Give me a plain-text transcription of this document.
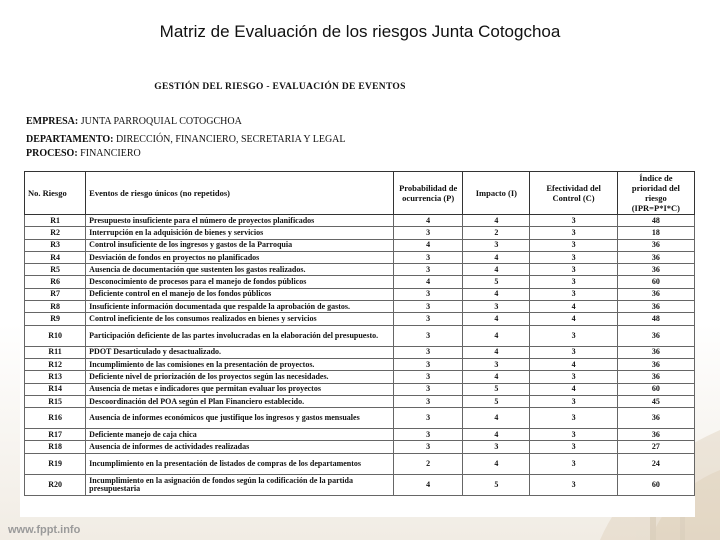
Matriz de Evaluación de los riesgos Junta Cotogchoa
GESTIÓN DEL RIESGO - EVALUACIÓN DE EVENTOS
EMPRESA: JUNTA PARROQUIAL COTOGCHOA
DEPARTAMENTO: DIRECCIÓN, FINANCIERO, SECRETARIA Y LEGAL
PROCESO: FINANCIERO
No. Riesgo	Eventos de riesgo únicos (no repetidos)	Probabilidad de ocurrencia (P)	Impacto (I)	Efectividad del Control (C)	Índice de prioridad del riesgo (IPR=P*I*C)
R1	Presupuesto insuficiente para el número de proyectos planificados	4	4	3	48
R2	Interrupción en la adquisición de bienes y servicios	3	2	3	18
R3	Control insuficiente de los ingresos y gastos de la Parroquia	4	3	3	36
R4	Desviación de fondos en proyectos no planificados	3	4	3	36
R5	Ausencia de documentación que sustenten los gastos realizados.	3	4	3	36
R6	Desconocimiento de procesos para el manejo de fondos públicos	4	5	3	60
R7	Deficiente control en el manejo de los fondos públicos	3	4	3	36
R8	Insuficiente información documentada que respalde la aprobación de gastos.	3	3	4	36
R9	Control ineficiente de los consumos realizados en bienes y servicios	3	4	4	48
R10	Participación deficiente de las partes involucradas en la elaboración del presupuesto.	3	4	3	36
R11	PDOT Desarticulado y desactualizado.	3	4	3	36
R12	Incumplimiento de las comisiones en la presentación de proyectos.	3	3	4	36
R13	Deficiente nivel de priorización de los proyectos según las necesidades.	3	4	3	36
R14	Ausencia de metas e indicadores que permitan evaluar los proyectos	3	5	4	60
R15	Descoordinación del POA según el Plan Financiero establecido.	3	5	3	45
R16	Ausencia de informes económicos que justifique los ingresos y gastos mensuales	3	4	3	36
R17	Deficiente manejo de caja chica	3	4	3	36
R18	Ausencia de informes de actividades realizadas	3	3	3	27
R19	Incumplimiento en la presentación de listados de compras de los departamentos	2	4	3	24
R20	Incumplimiento en la asignación de fondos según la codificación de la partida presupuestaria	4	5	3	60
www.fppt.info
